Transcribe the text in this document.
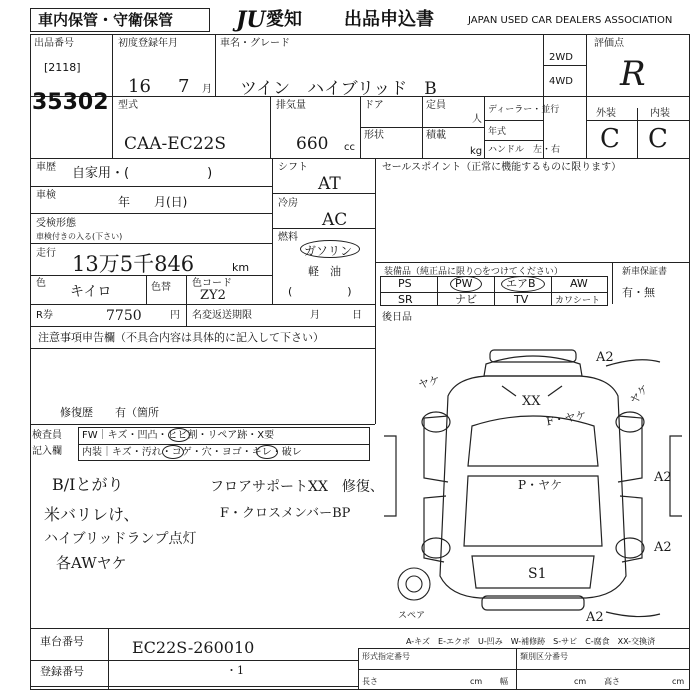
車内保管・守衛保管	JU 愛知 出品申込書	JAPAN USED CAR DEALERS ASSOCIATION
出品番号
[2118]
35302
初度登録年月
16 7 月
車名・グレード
ツイン　ハイブリッド　B
2WD
4WD
評価点
R
型式
CAA-EC22S
排気量
660 cc
ドア
形状
定員
人
積載
kg
ディーラー・並行
年式
ハンドル　左・右
外装	内装
C C
車歴 自家用・(　　　　　　)
車検	年　　月(日)
受検形態
車検付きの入る(下さい)
走行 13万5千846	km
色
キイロ	色替 色コード
ZY2
シフト
AT
冷房
AC
燃料
ガソリン
軽　油
(　　　　　)
セールスポイント（正常に機能するものに限ります）
装備品（純正品に限り○をつけてください）	新車保証書
有・無
PS	PW	エアB	AW
SR	ナビ	TV	カワシート
R券	7750	円 名変返送期限	月	日
注意事項申告欄（不具合内容は具体的に記入して下さい）
修復歴　　有（箇所
後日品
検査員
記入欄
FW｜キズ・凹凸・ヒビ割・リペア跡・X要
内装｜キズ・汚れ・コゲ・穴・ヨゴ・キレ・破レ
B/Iとがり
米バリレけ、
ハイブリッドランプ点灯
各AWヤケ
フロアサポートXX　修復、
F・クロスメンバーBP
A2
ヤケ
XX
F・ヤケ
ヤケ
A2
P・ヤケ
A2
S1
A2
スペア
A-キズ　E-エクボ　U-凹み　W-補修跡　S-サビ　C-腐食　XX-交換済
車台番号	EC22S-260010
登録番号	・1
形式指定番号	類別区分番号
長さ	cm 幅	cm 高さ	cm
